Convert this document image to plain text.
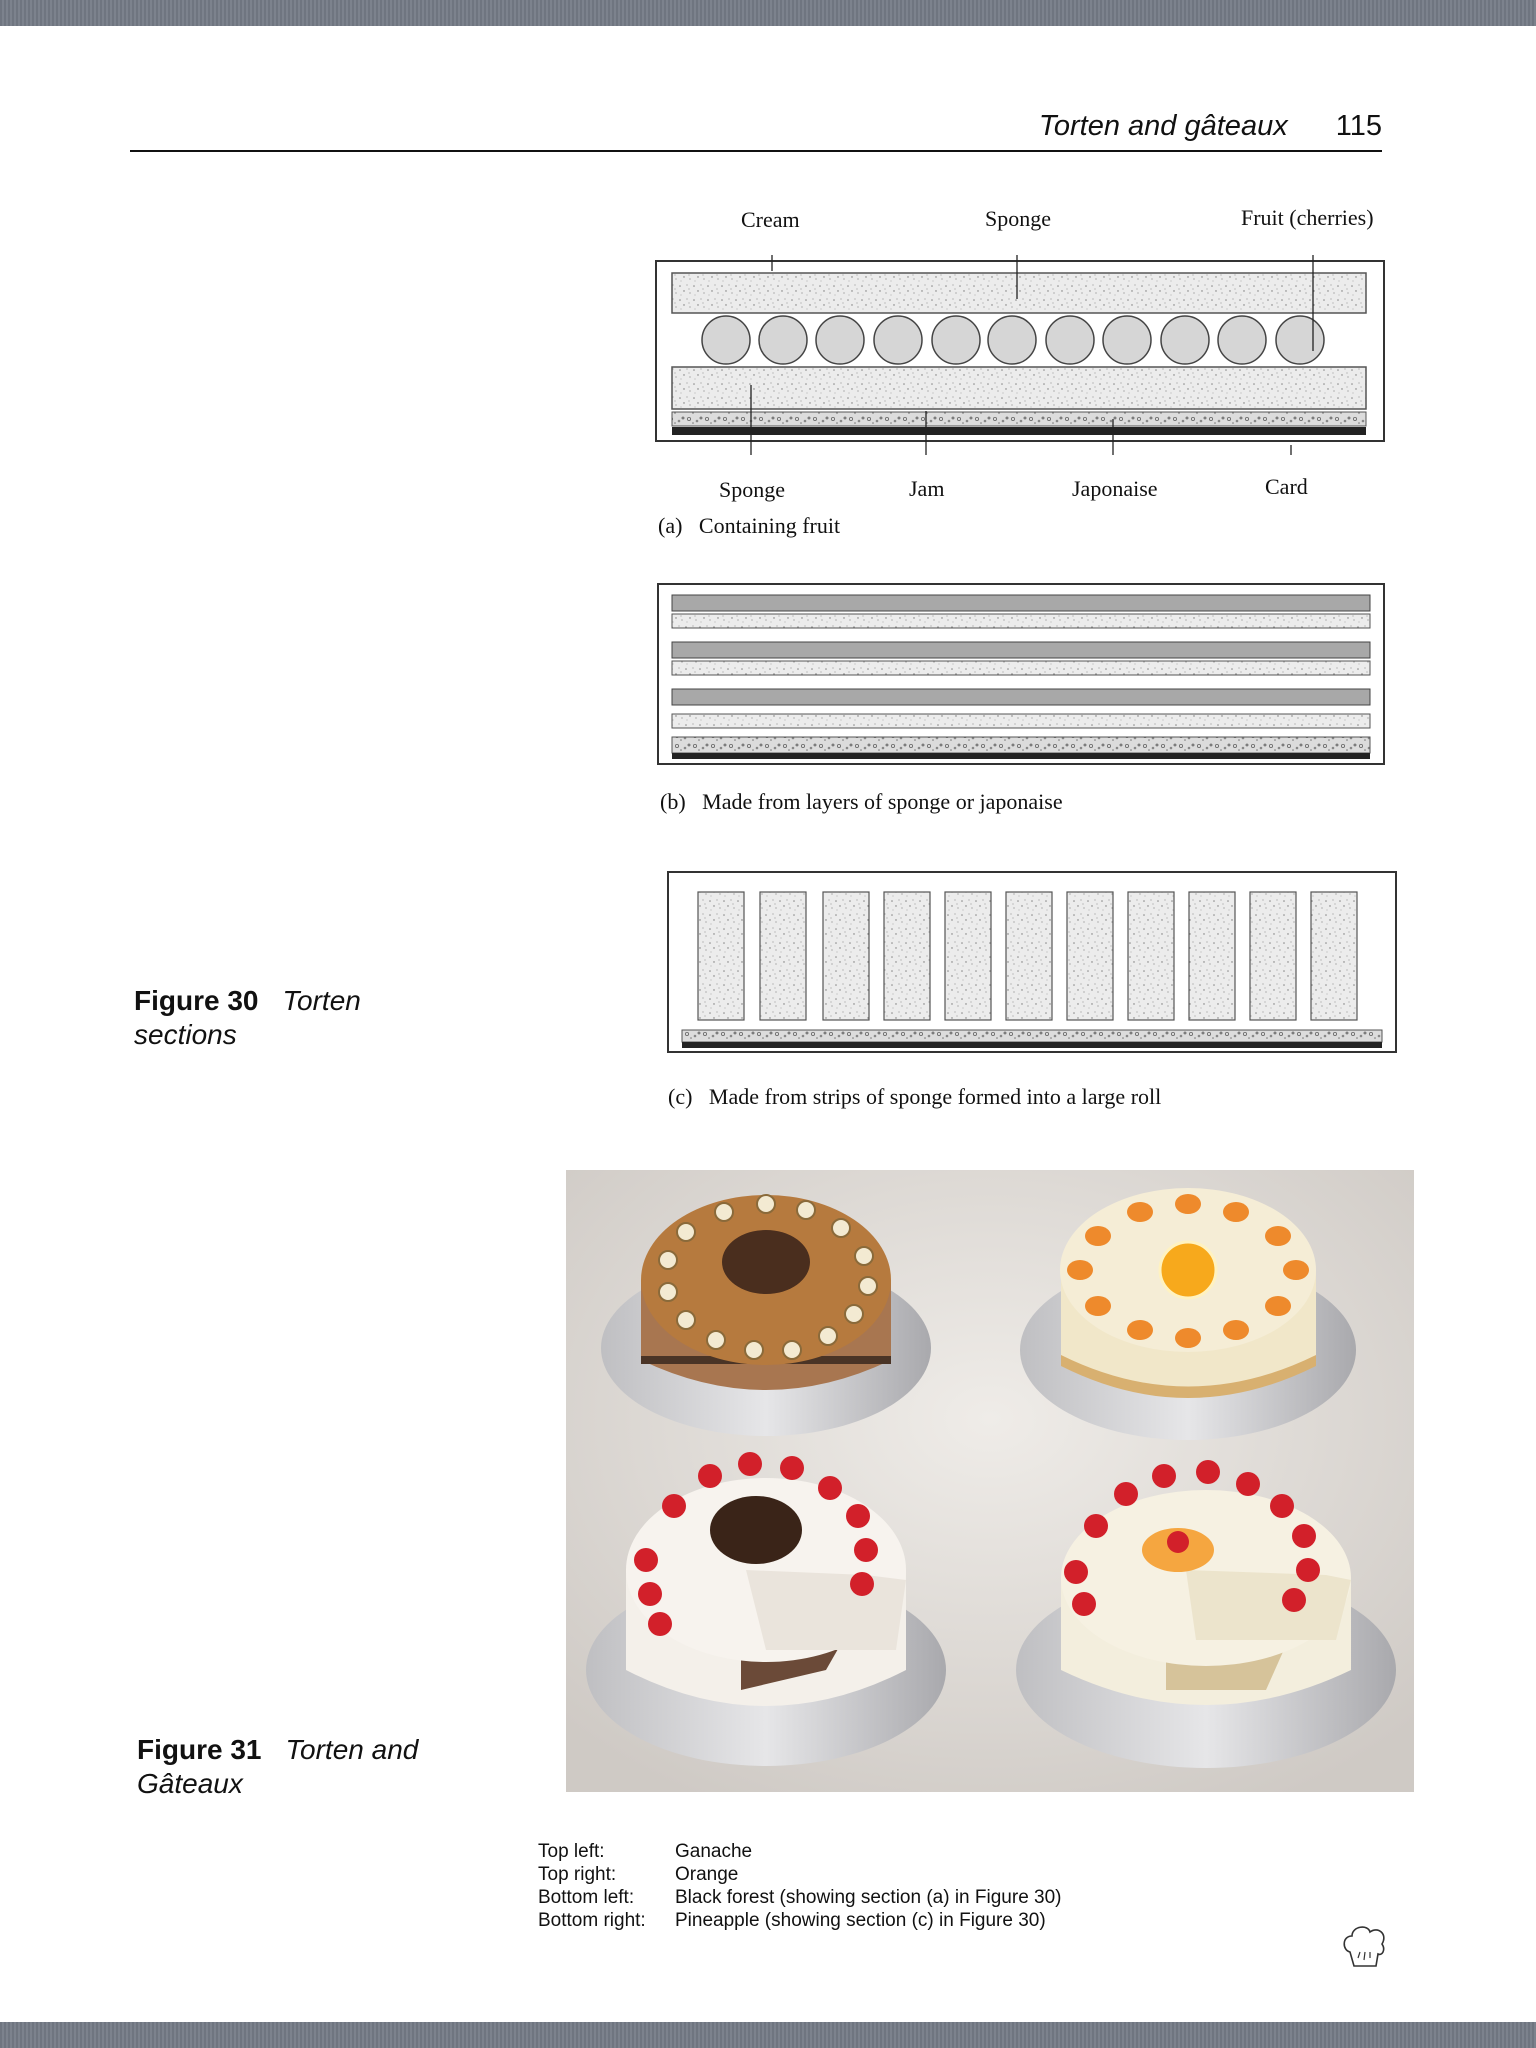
Torten and gâteaux 115
Cream	Sponge	Fruit (cherries)
Sponge	Jam	Japonaise	Card
(a) Containing fruit
(b) Made from layers of sponge or japonaise
(c) Made from strips of sponge formed into a large roll
Figure 30 Torten
sections
Figure 31 Torten and
Gâteaux
Top left:	Ganache
Top right:	Orange
Bottom left:	Black forest (showing section (a) in Figure 30)
Bottom right:	Pineapple (showing section (c) in Figure 30)
